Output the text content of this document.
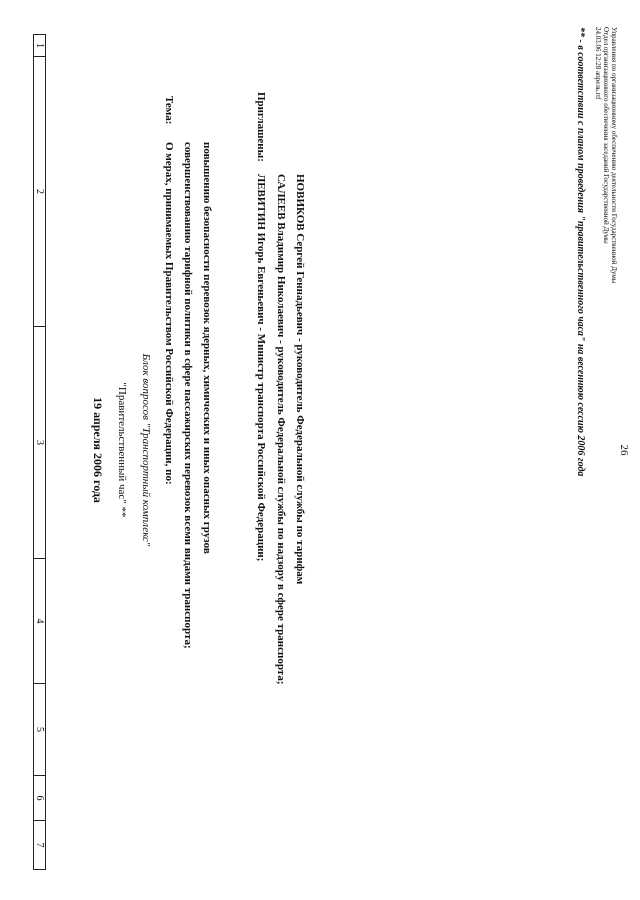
26
1
2
3
4
5
6
7
19 апреля 2006 года "Правительственный час" ** Блок вопросов "Транспортный комплекс"
Тема:
О мерах, принимаемых Правительством Российской Федерации, по: совершенствованию тарифной политики в сфере пассажирских перевозок всеми видами транспорта; повышению безопасности перевозок ядерных, химических и иных опасных грузов
Приглашены:
ЛЕВИТИН Игорь Евгеньевич - Министр транспорта Российской Федерации; САЛЕЕВ Владимир Николаевич - руководитель Федеральной службы по надзору в сфере транспорта; НОВИКОВ Сергей Геннадьевич - руководитель Федеральной службы по тарифам	** - в соответствии с планом проведения "правительственного часа" на весеннюю сессию 2006 года 24.03.06 12:28 апрель.rtf Отдел организационного обеспечения заседаний Государственной Думы Управления по организационному обеспечению деятельности Государственной Думы
